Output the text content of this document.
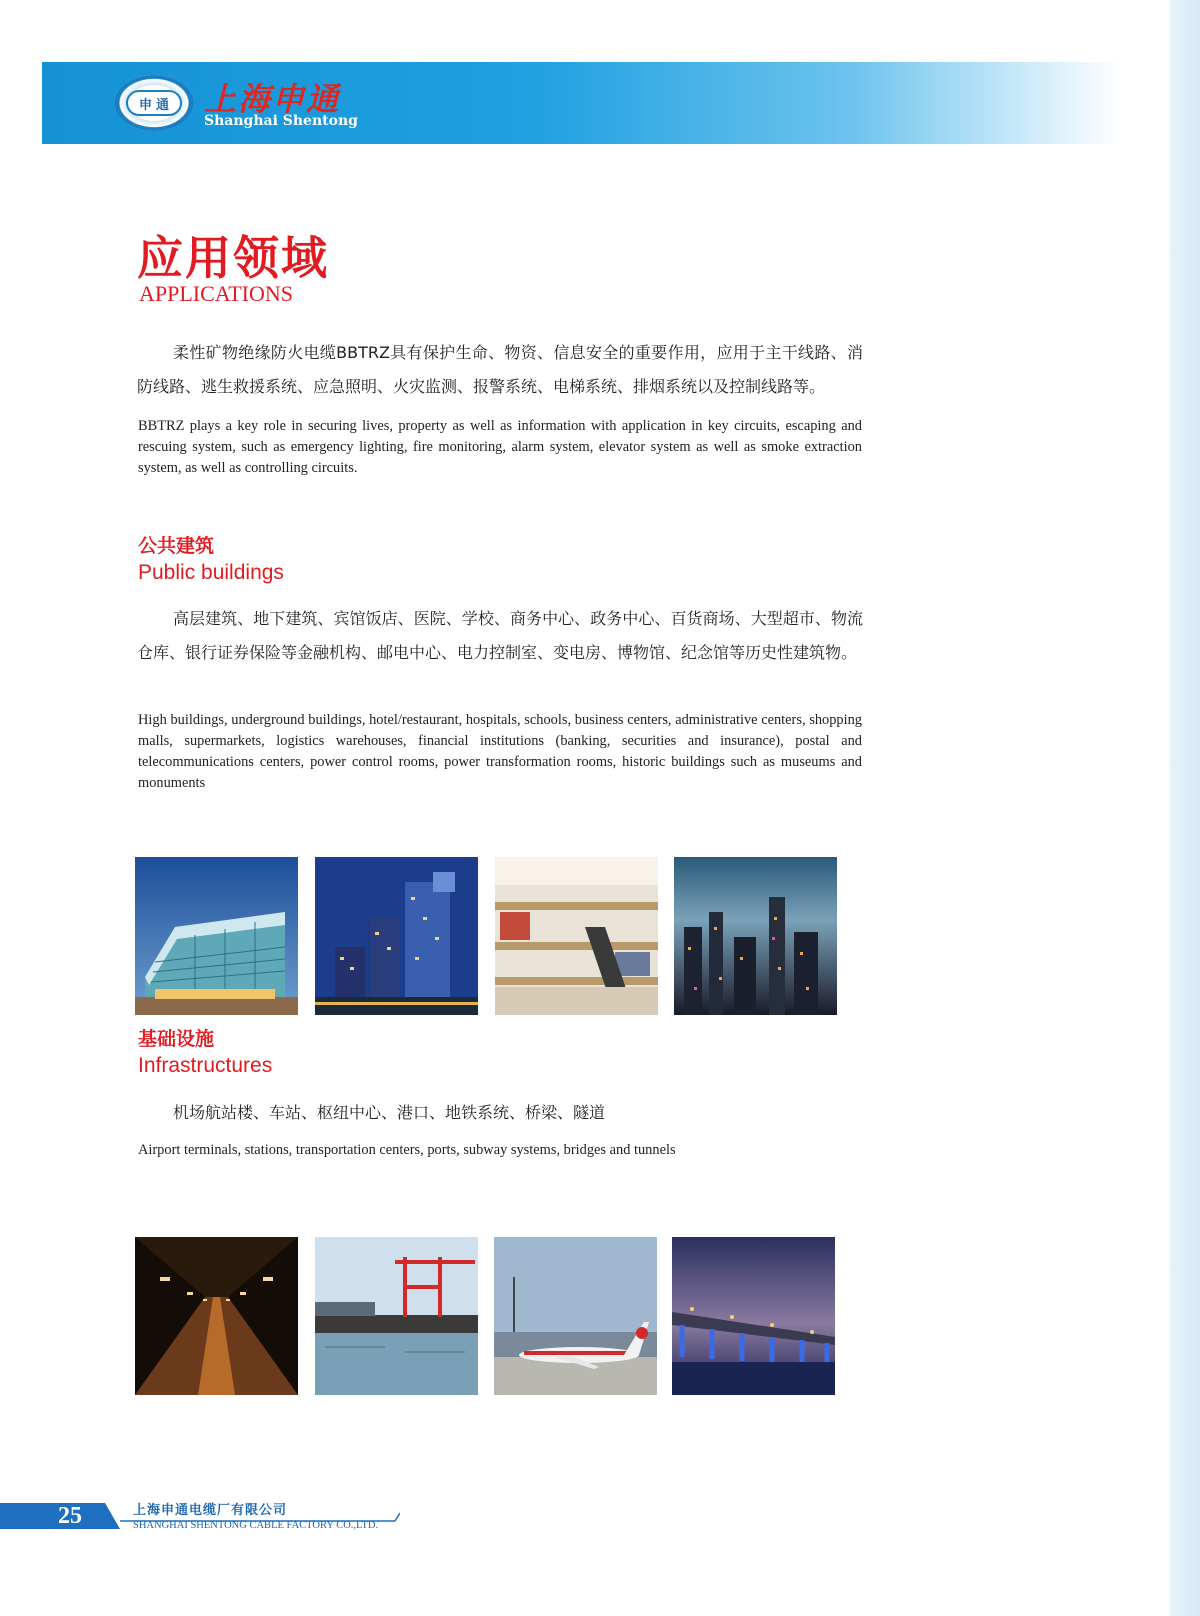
申 通 上海申通
Shanghai Shentong
应用领域
APPLICATIONS

柔性矿物绝缘防火电缆BBTRZ具有保护生命、物资、信息安全的重要作用，应用于主干线路、消防线路、逃生救援系统、应急照明、火灾监测、报警系统、电梯系统、排烟系统以及控制线路等。

BBTRZ plays a key role in securing lives, property as well as information with application in key circuits, escaping and rescuing system, such as emergency lighting, fire monitoring, alarm system, elevator system as well as smoke extraction system, as well as controlling circuits.

公共建筑
Public buildings

高层建筑、地下建筑、宾馆饭店、医院、学校、商务中心、政务中心、百货商场、大型超市、物流仓库、银行证券保险等金融机构、邮电中心、电力控制室、变电房、博物馆、纪念馆等历史性建筑物。

High buildings, underground buildings, hotel/restaurant, hospitals, schools, business centers, administrative centers, shopping malls, supermarkets, logistics warehouses, financial institutions (banking, securities and insurance), postal and telecommunications centers, power control rooms, power transformation rooms, historic buildings such as museums and monuments

基础设施
Infrastructures

机场航站楼、车站、枢纽中心、港口、地铁系统、桥梁、隧道

Airport terminals, stations, transportation centers, ports, subway systems, bridges and tunnels

25	上海申通电缆厂有限公司
SHANGHAI SHENTONG CABLE FACTORY CO.,LTD.
